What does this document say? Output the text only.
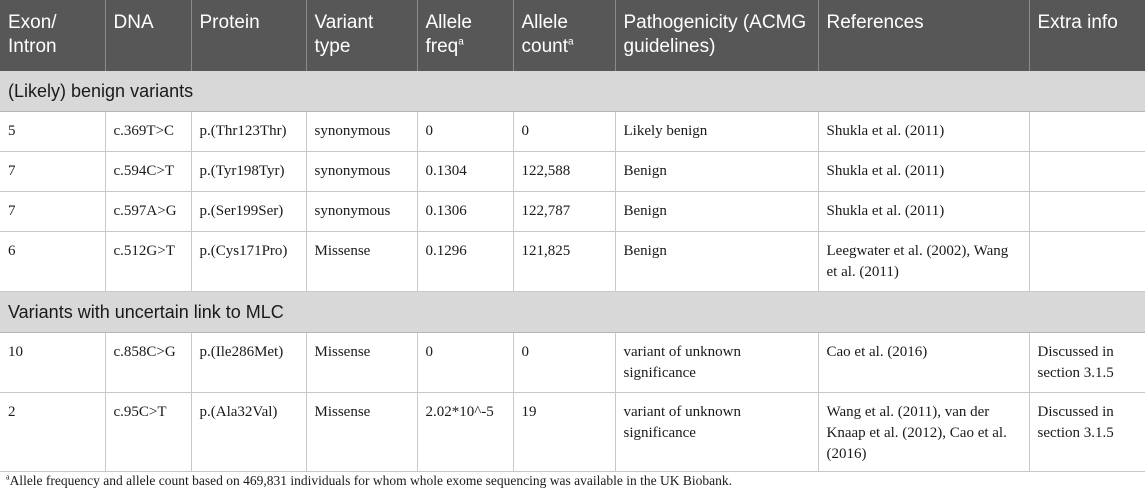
Exon/ Intron	DNA	Protein	Variant type	Allele freq$^a$	Allele count$^a$	Pathogenicity (ACMG guidelines)	References	Extra info
(Likely) benign variants								
5	c.369T>C	p.(Thr123Thr)	synonymous	0	0	Likely benign	Shukla et al. (2011)	
7	c.594C>T	p.(Tyr198Tyr)	synonymous	0.1304	122,588	Benign	Shukla et al. (2011)	
7	c.597A>G	p.(Ser199Ser)	synonymous	0.1306	122,787	Benign	Shukla et al. (2011)	
6	c.512G>T	p.(Cys171Pro)	Missense	0.1296	121,825	Benign	Leegwater et al. (2002), Wang et al. (2011)	
Variants with uncertain link to MLC								
10	c.858C>G	p.(Ile286Met)	Missense	0	0	variant of unknown significance	Cao et al. (2016)	Discussed in section 3.1.5
2	c.95C>T	p.(Ala32Val)	Missense	2.02*10^-5	19	variant of unknown significance	Wang et al. (2011), van der Knaap et al. (2012), Cao et al. (2016)	Discussed in section 3.1.5
$^a$Allele frequency and allele count based on 469,831 individuals for whom whole exome sequencing was available in the UK Biobank.
